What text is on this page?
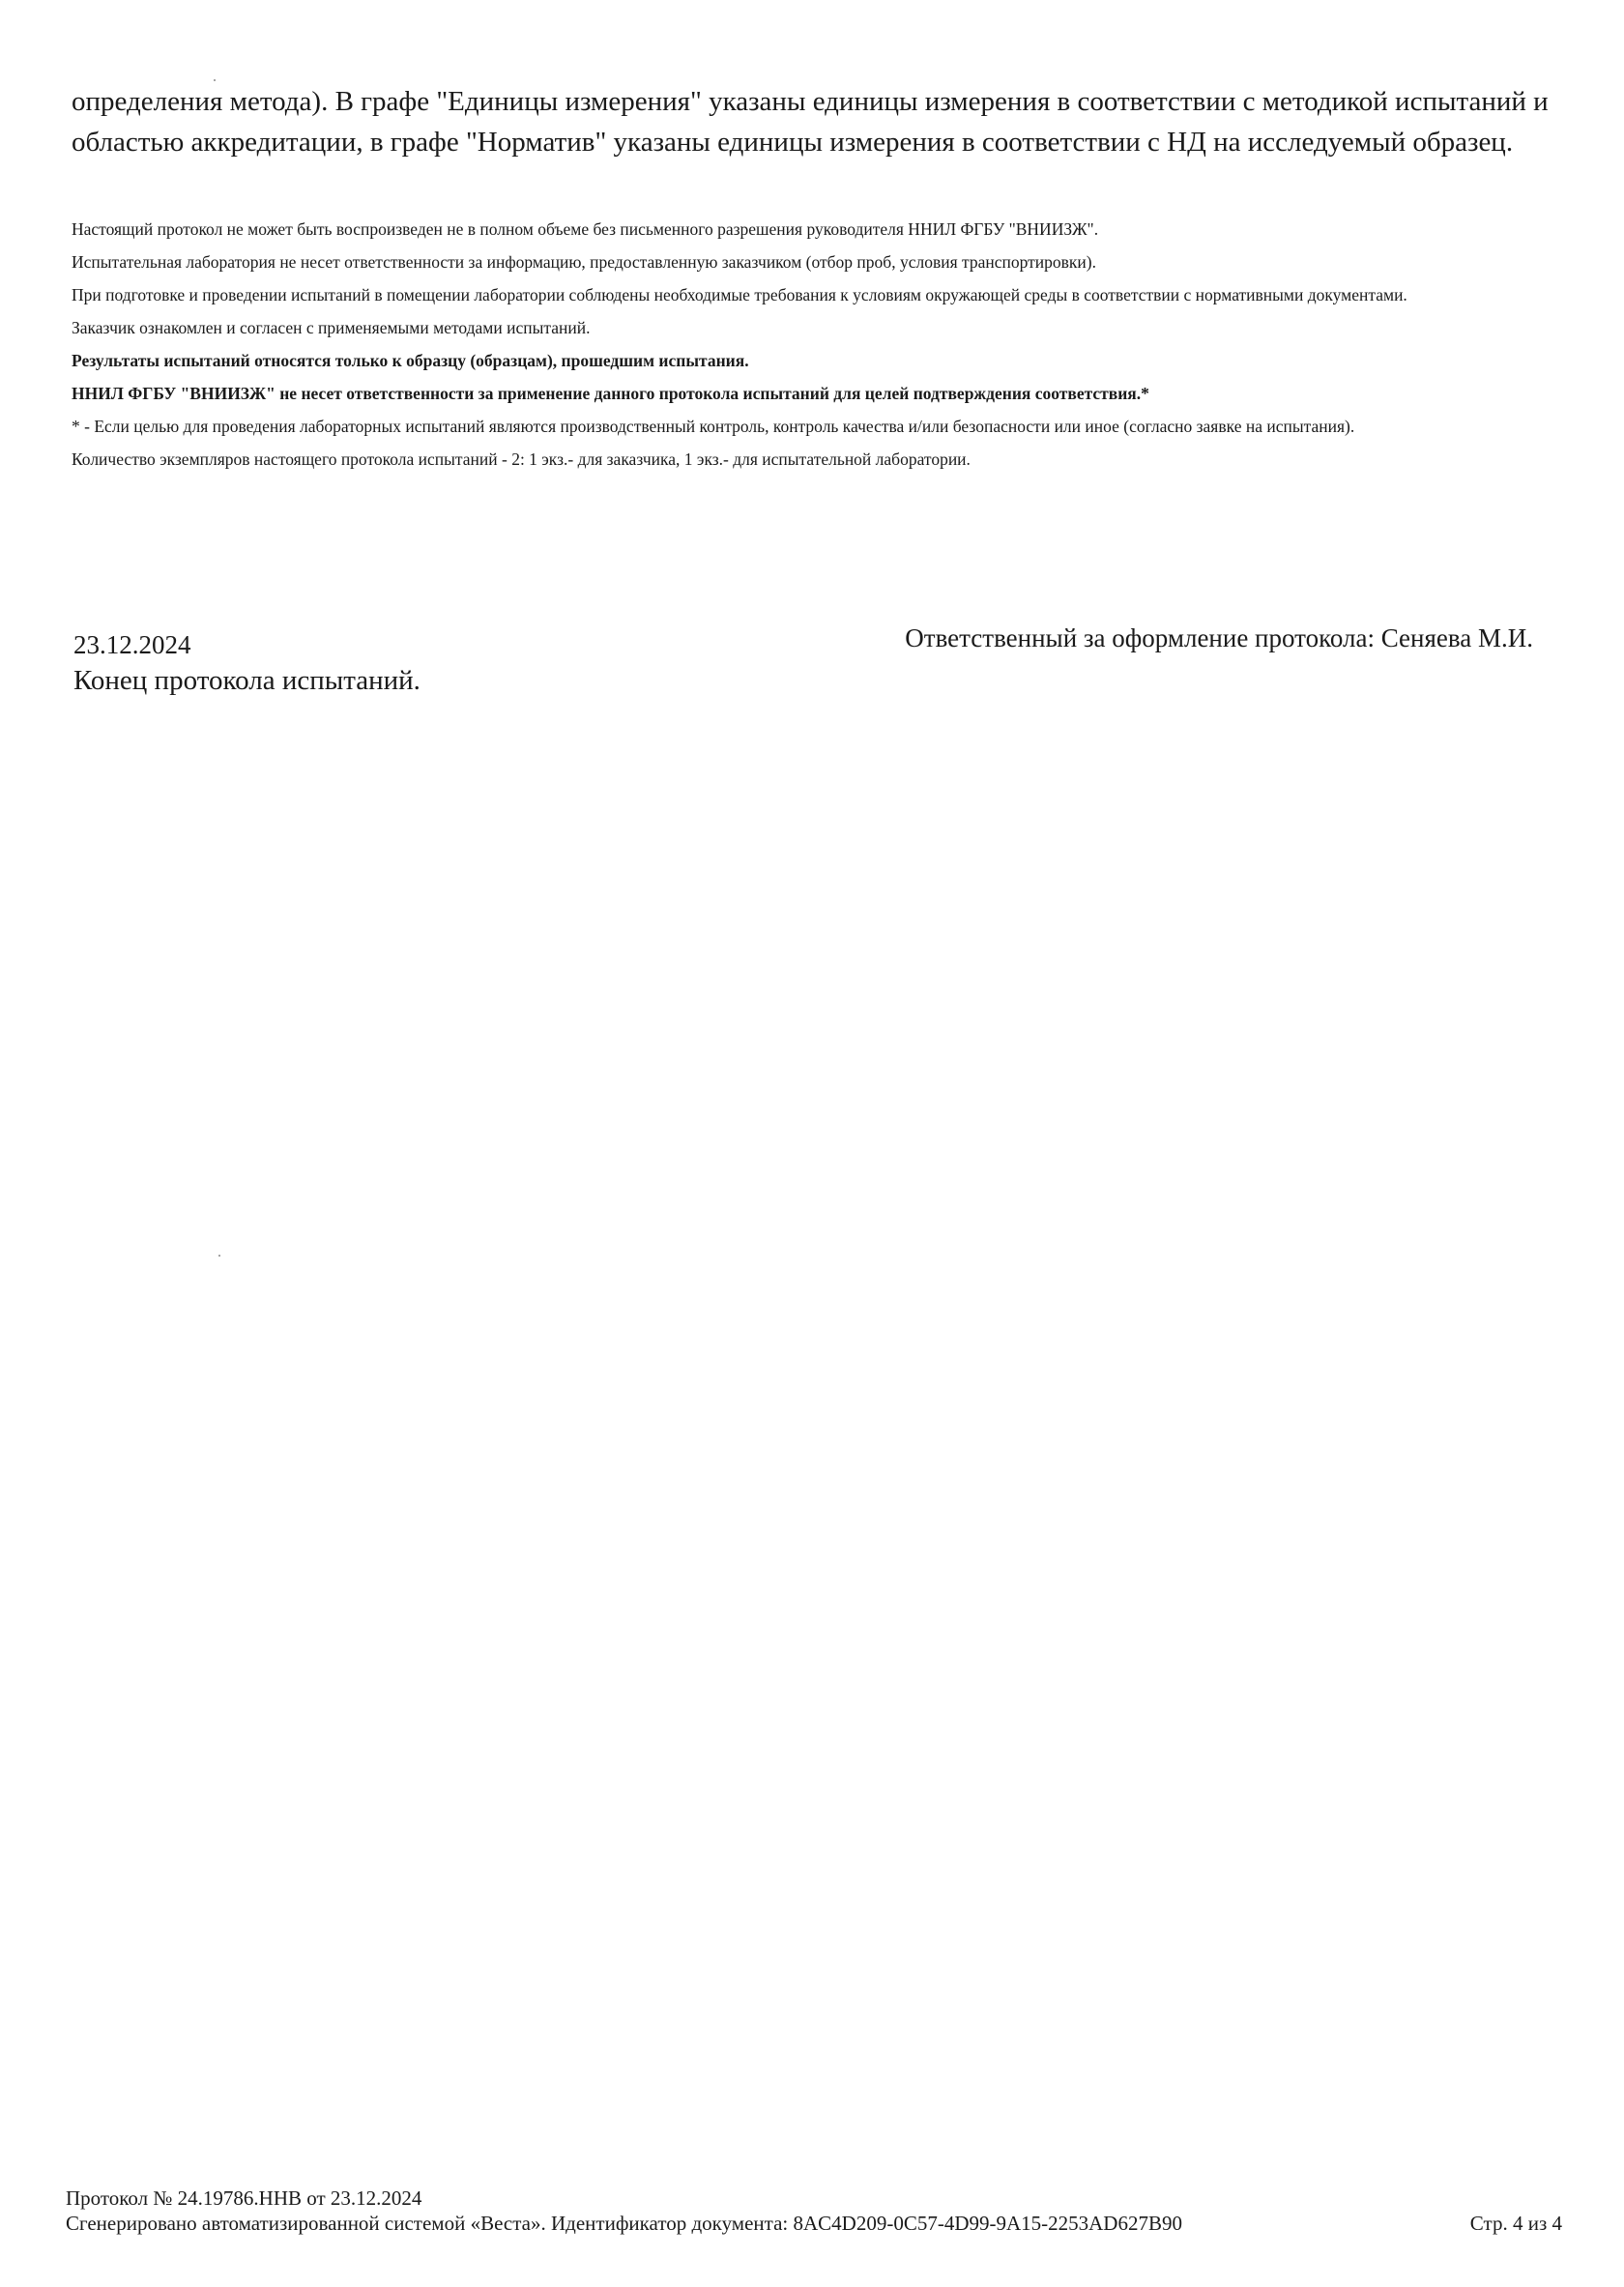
определения метода). В графе "Единицы измерения" указаны единицы измерения в соответствии с методикой испытаний и областью аккредитации, в графе "Норматив" указаны единицы измерения в соответствии с НД на исследуемый образец.

Настоящий протокол не может быть воспроизведен не в полном объеме без письменного разрешения руководителя ННИЛ ФГБУ "ВНИИЗЖ".

Испытательная лаборатория не несет ответственности за информацию, предоставленную заказчиком (отбор проб, условия транспортировки).

При подготовке и проведении испытаний в помещении лаборатории соблюдены необходимые требования к условиям окружающей среды в соответствии с нормативными документами.

Заказчик ознакомлен и согласен с применяемыми методами испытаний.

Результаты испытаний относятся только к образцу (образцам), прошедшим испытания.

ННИЛ ФГБУ "ВНИИЗЖ" не несет ответственности за применение данного протокола испытаний для целей подтверждения соответствия.*

* - Если целью для проведения лабораторных испытаний являются производственный контроль, контроль качества и/или безопасности или иное (согласно заявке на испытания).

Количество экземпляров настоящего протокола испытаний - 2: 1 экз.- для заказчика, 1 экз.- для испытательной лаборатории.

23.12.2024
Конец протокола испытаний.
Ответственный за оформление протокола: Сеняева М.И.
Протокол № 24.19786.ННВ от 23.12.2024
Сгенерировано автоматизированной системой «Веста». Идентификатор документа: 8AC4D209-0C57-4D99-9A15-2253AD627B90	Стр. 4 из 4
